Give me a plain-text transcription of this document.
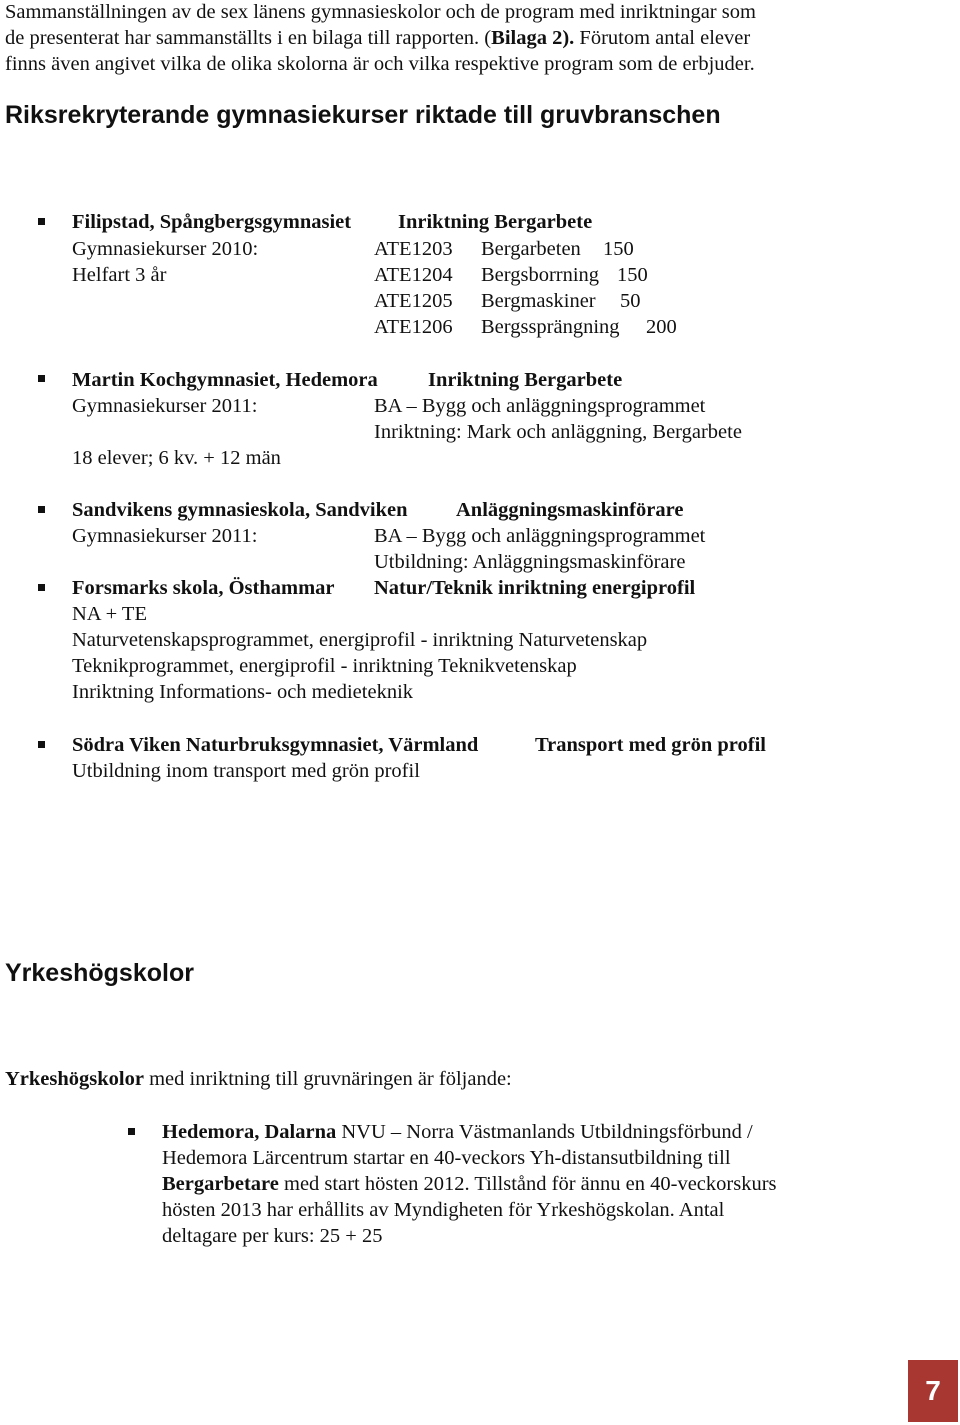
Sammanställningen av de sex länens gymnasieskolor och de program med inriktningar som
de presenterat har sammanställts i en bilaga till rapporten. (Bilaga 2). Förutom antal elever
finns även angivet vilka de olika skolorna är och vilka respektive program som de erbjuder.
Riksrekryterande gymnasiekurser riktade till gruvbranschen
Filipstad, Spångbergsgymnasiet Inriktning Bergarbete
Gymnasiekurser 2010:
Helfart 3 år
ATE1203 Bergarbeten 150
ATE1204 Bergsborrning 150
ATE1205 Bergmaskiner 50
ATE1206 Bergssprängning 200
Martin Kochgymnasiet, Hedemora Inriktning Bergarbete
Gymnasiekurser 2011:	BA – Bygg och anläggningsprogrammet
Inriktning: Mark och anläggning, Bergarbete
18 elever; 6 kv. + 12 män
Sandvikens gymnasieskola, Sandviken Anläggningsmaskinförare
Gymnasiekurser 2011:	BA – Bygg och anläggningsprogrammet
Utbildning: Anläggningsmaskinförare
Forsmarks skola, Östhammar Natur/Teknik inriktning energiprofil
NA + TE
Naturvetenskapsprogrammet, energiprofil - inriktning Naturvetenskap
Teknikprogrammet, energiprofil - inriktning Teknikvetenskap
Inriktning Informations- och medieteknik
Södra Viken Naturbruksgymnasiet, Värmland	Transport med grön profil
Utbildning inom transport med grön profil
Yrkeshögskolor
Yrkeshögskolor med inriktning till gruvnäringen är följande:
Hedemora, Dalarna NVU – Norra Västmanlands Utbildningsförbund /
Hedemora Lärcentrum startar en 40-veckors Yh-distansutbildning till
Bergarbetare med start hösten 2012. Tillstånd för ännu en 40-veckorskurs
hösten 2013 har erhållits av Myndigheten för Yrkeshögskolan. Antal
deltagare per kurs: 25 + 25
7
